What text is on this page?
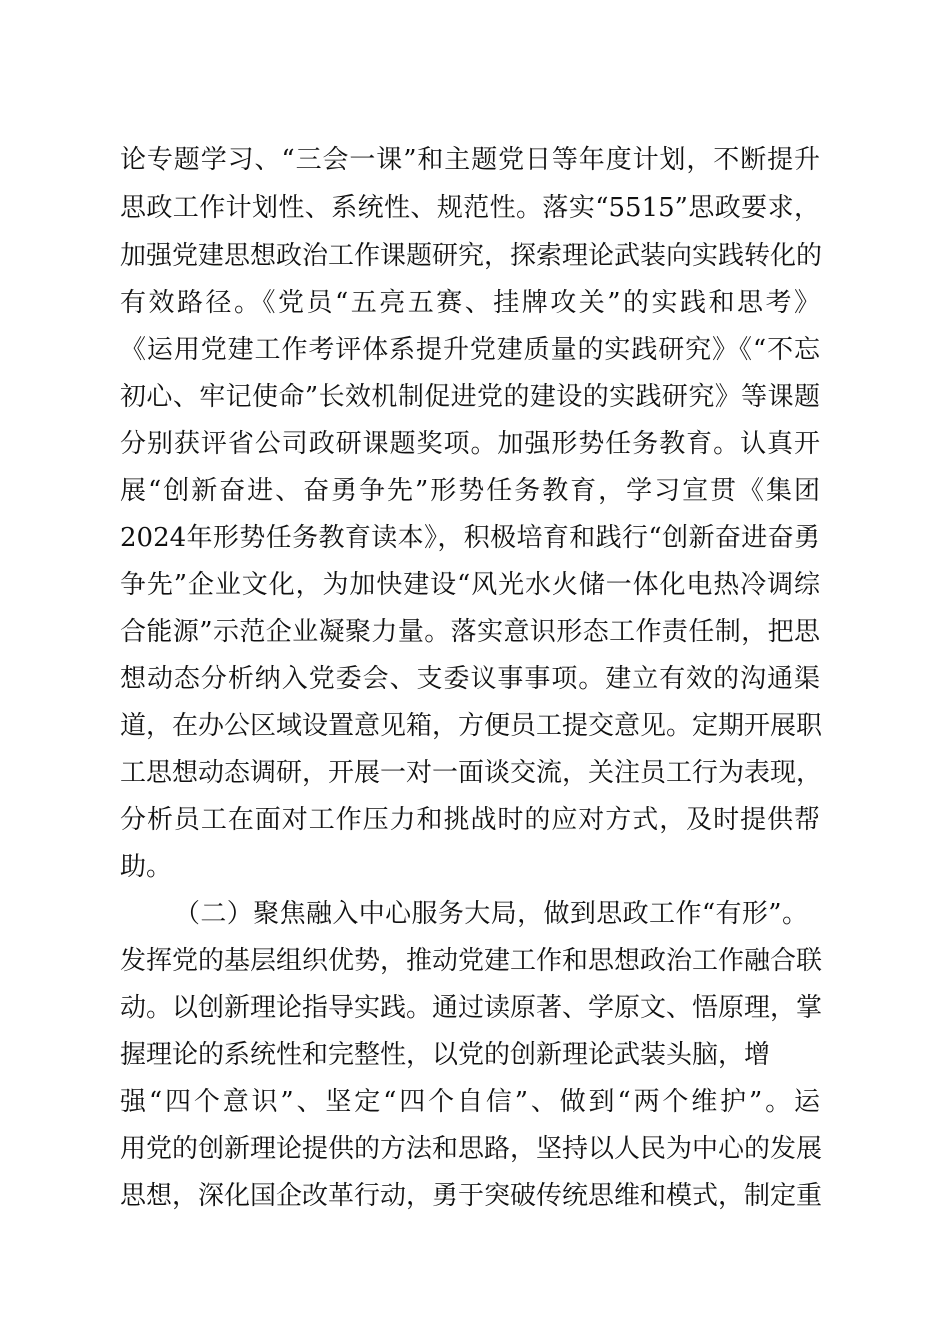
论专题学习、“三会一课”和主题党日等年度计划，不断提升
思政工作计划性、系统性、规范性。落实“5515”思政要求，
加强党建思想政治工作课题研究，探索理论武装向实践转化的
有效路径。《党员“五亮五赛、挂牌攻关”的实践和思考》
《运用党建工作考评体系提升党建质量的实践研究》《“不忘
初心、牢记使命”长效机制促进党的建设的实践研究》等课题
分别获评省公司政研课题奖项。加强形势任务教育。认真开
展“创新奋进、奋勇争先”形势任务教育，学习宣贯《集团
2024年形势任务教育读本》，积极培育和践行“创新奋进奋勇
争先”企业文化，为加快建设“风光水火储一体化电热冷调综
合能源”示范企业凝聚力量。落实意识形态工作责任制，把思
想动态分析纳入党委会、支委议事事项。建立有效的沟通渠
道，在办公区域设置意见箱，方便员工提交意见。定期开展职
工思想动态调研，开展一对一面谈交流，关注员工行为表现，
分析员工在面对工作压力和挑战时的应对方式，及时提供帮
助。
（二）聚焦融入中心服务大局，做到思政工作“有形”。
发挥党的基层组织优势，推动党建工作和思想政治工作融合联
动。以创新理论指导实践。通过读原著、学原文、悟原理，掌
握理论的系统性和完整性，以党的创新理论武装头脑，增
强“四个意识”、坚定“四个自信”、做到“两个维护”。运
用党的创新理论提供的方法和思路，坚持以人民为中心的发展
思想，深化国企改革行动，勇于突破传统思维和模式，制定重
